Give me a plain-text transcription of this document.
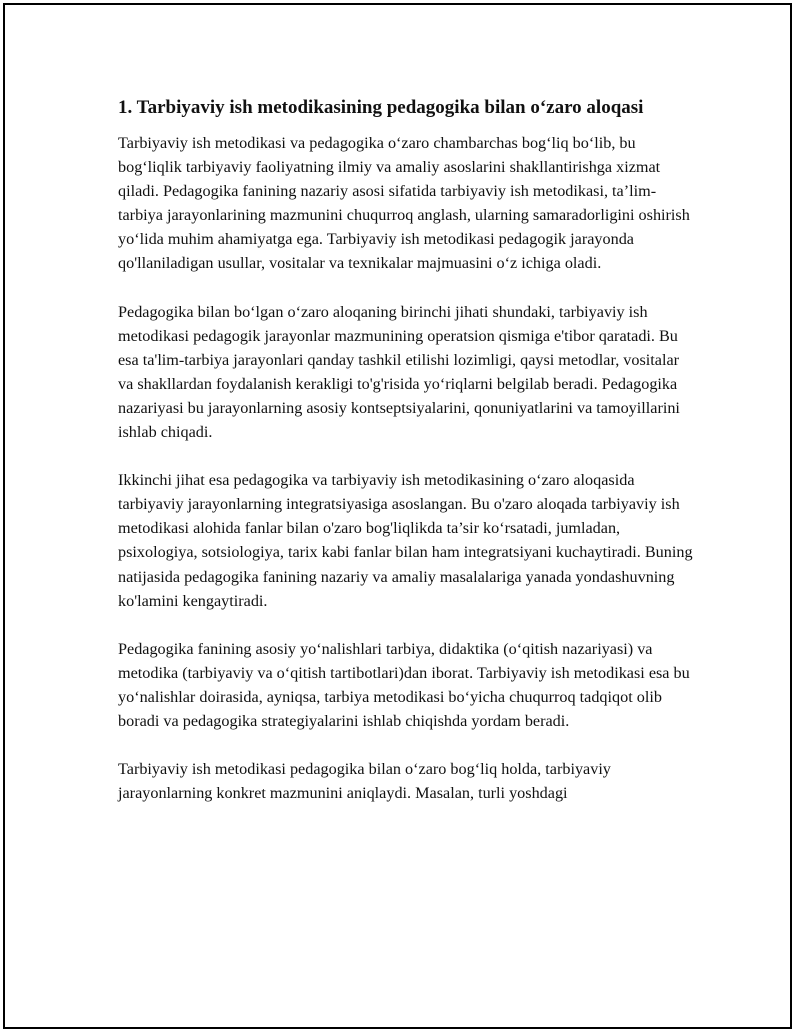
1. Tarbiyaviy ish metodikasining pedagogika bilan o‘zaro aloqasi

Tarbiyaviy ish metodikasi va pedagogika o‘zaro chambarchas bog‘liq bo‘lib, bu bog‘liqlik tarbiyaviy faoliyatning ilmiy va amaliy asoslarini shakllantirishga xizmat qiladi. Pedagogika fanining nazariy asosi sifatida tarbiyaviy ish metodikasi, ta’lim-tarbiya jarayonlarining mazmunini chuqurroq anglash, ularning samaradorligini oshirish yo‘lida muhim ahamiyatga ega. Tarbiyaviy ish metodikasi pedagogik jarayonda qo'llaniladigan usullar, vositalar va texnikalar majmuasini o‘z ichiga oladi.

Pedagogika bilan bo‘lgan o‘zaro aloqaning birinchi jihati shundaki, tarbiyaviy ish metodikasi pedagogik jarayonlar mazmunining operatsion qismiga e'tibor qaratadi. Bu esa ta'lim-tarbiya jarayonlari qanday tashkil etilishi lozimligi, qaysi metodlar, vositalar va shakllardan foydalanish kerakligi to'g'risida yo‘riqlarni belgilab beradi. Pedagogika nazariyasi bu jarayonlarning asosiy kontseptsiyalarini, qonuniyatlarini va tamoyillarini ishlab chiqadi.

Ikkinchi jihat esa pedagogika va tarbiyaviy ish metodikasining o‘zaro aloqasida tarbiyaviy jarayonlarning integratsiyasiga asoslangan. Bu o'zaro aloqada tarbiyaviy ish metodikasi alohida fanlar bilan o'zaro bog'liqlikda ta’sir ko‘rsatadi, jumladan, psixologiya, sotsiologiya, tarix kabi fanlar bilan ham integratsiyani kuchaytiradi. Buning natijasida pedagogika fanining nazariy va amaliy masalalariga yanada yondashuvning ko'lamini kengaytiradi.

Pedagogika fanining asosiy yo‘nalishlari tarbiya, didaktika (o‘qitish nazariyasi) va metodika (tarbiyaviy va o‘qitish tartibotlari)dan iborat. Tarbiyaviy ish metodikasi esa bu yo‘nalishlar doirasida, ayniqsa, tarbiya metodikasi bo‘yicha chuqurroq tadqiqot olib boradi va pedagogika strategiyalarini ishlab chiqishda yordam beradi.

Tarbiyaviy ish metodikasi pedagogika bilan o‘zaro bog‘liq holda, tarbiyaviy jarayonlarning konkret mazmunini aniqlaydi. Masalan, turli yoshdagi
